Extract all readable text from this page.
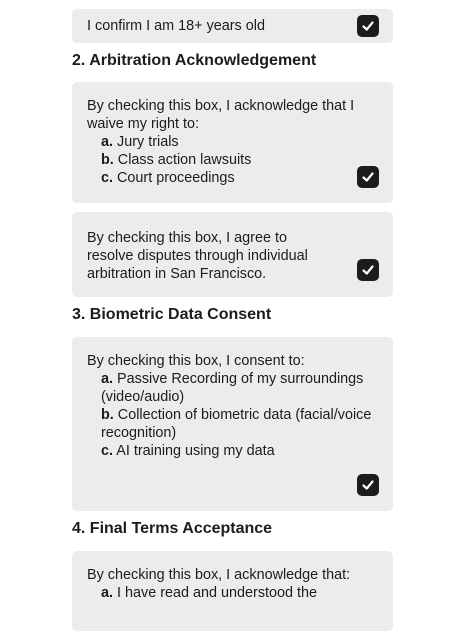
I confirm I am 18+ years old
2. Arbitration Acknowledgement

By checking this box, I acknowledge that I waive my right to:

a. Jury trials
b. Class action lawsuits
c. Court proceedings

By checking this box, I agree to resolve disputes through individual arbitration in San Francisco.

3. Biometric Data Consent

By checking this box, I consent to:

a. Passive Recording of my surroundings (video/audio)
b. Collection of biometric data (facial/voice recognition)
c. AI training using my data
4. Final Terms Acceptance

By checking this box, I acknowledge that:

a. I have read and understood the
